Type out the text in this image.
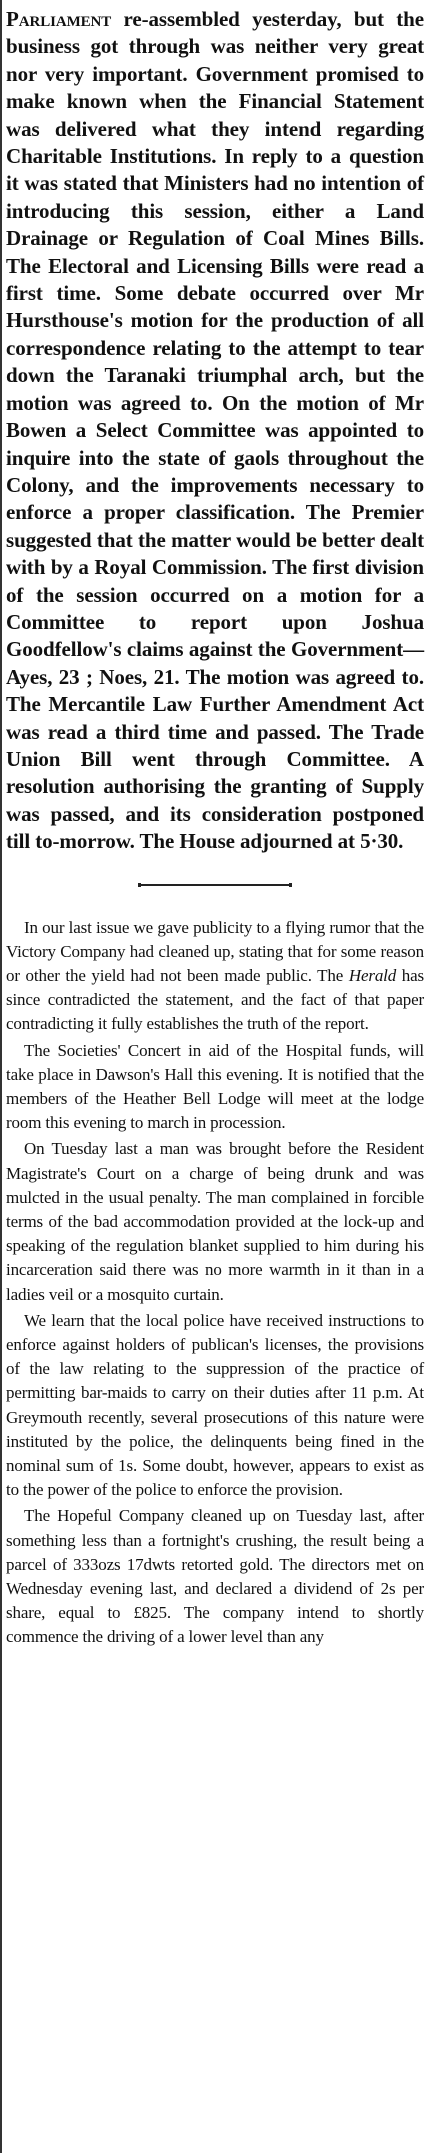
Parliament re-assembled yesterday, but the business got through was neither very great nor very important. Government promised to make known when the Financial Statement was delivered what they intend regarding Charitable Institutions. In reply to a question it was stated that Ministers had no intention of introducing this session, either a Land Drainage or Regulation of Coal Mines Bills. The Electoral and Licensing Bills were read a first time. Some debate occurred over Mr Hursthouse's motion for the production of all correspondence relating to the attempt to tear down the Taranaki triumphal arch, but the motion was agreed to. On the motion of Mr Bowen a Select Committee was appointed to inquire into the state of gaols throughout the Colony, and the improvements necessary to enforce a proper classification. The Premier suggested that the matter would be better dealt with by a Royal Commission. The first division of the session occurred on a motion for a Committee to report upon Joshua Goodfellow's claims against the Government—Ayes, 23 ; Noes, 21. The motion was agreed to. The Mercantile Law Further Amendment Act was read a third time and passed. The Trade Union Bill went through Committee. A resolution authorising the granting of Supply was passed, and its consideration postponed till to-morrow. The House adjourned at 5·30.

In our last issue we gave publicity to a flying rumor that the Victory Company had cleaned up, stating that for some reason or other the yield had not been made public. The Herald has since contradicted the statement, and the fact of that paper contradicting it fully establishes the truth of the report.

The Societies' Concert in aid of the Hospital funds, will take place in Dawson's Hall this evening. It is notified that the members of the Heather Bell Lodge will meet at the lodge room this evening to march in procession.

On Tuesday last a man was brought before the Resident Magistrate's Court on a charge of being drunk and was mulcted in the usual penalty. The man complained in forcible terms of the bad accommodation provided at the lock-up and speaking of the regulation blanket supplied to him during his incarceration said there was no more warmth in it than in a ladies veil or a mosquito curtain.

We learn that the local police have received instructions to enforce against holders of publican's licenses, the provisions of the law relating to the suppression of the practice of permitting bar-maids to carry on their duties after 11 p.m. At Greymouth recently, several prosecutions of this nature were instituted by the police, the delinquents being fined in the nominal sum of 1s. Some doubt, however, appears to exist as to the power of the police to enforce the provision.

The Hopeful Company cleaned up on Tuesday last, after something less than a fortnight's crushing, the result being a parcel of 333ozs 17dwts retorted gold. The directors met on Wednesday evening last, and declared a dividend of 2s per share, equal to £825. The company intend to shortly commence the driving of a lower level than any
